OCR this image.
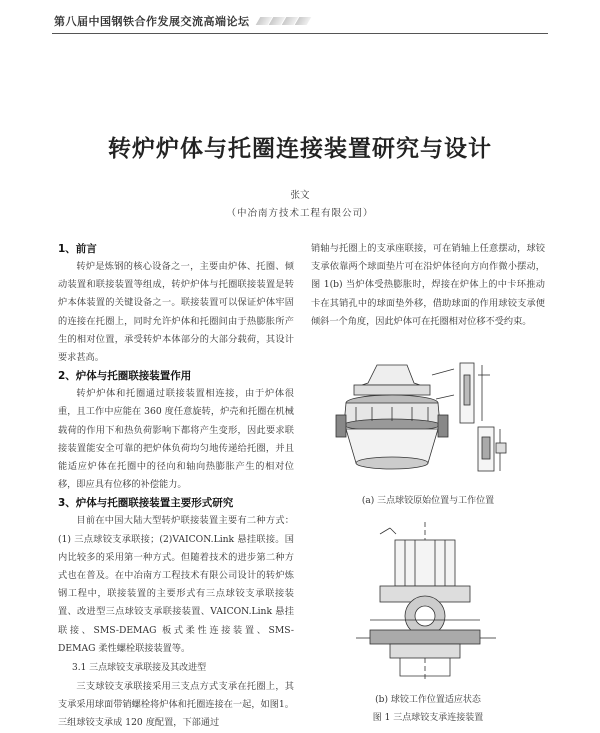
第八届中国钢铁合作发展交流高端论坛
转炉炉体与托圈连接装置研究与设计
张文
（中冶南方技术工程有限公司）

1、前言

转炉是炼钢的核心设备之一，主要由炉体、托圈、倾动装置和联接装置等组成，转炉炉体与托圈联接装置是转炉本体装置的关键设备之一。联接装置可以保证炉体牢固的连接在托圈上，同时允许炉体和托圈间由于热膨胀所产生的相对位置，承受转炉本体部分的大部分载荷，其设计要求甚高。

2、炉体与托圈联接装置作用

转炉炉体和托圈通过联接装置相连接，由于炉体很重，且工作中应能在 360 度任意旋转，炉壳和托圈在机械载荷的作用下和热负荷影响下都将产生变形，因此要求联接装置能安全可靠的把炉体负荷均匀地传递给托圈，并且能适应炉体在托圈中的径向和轴向热膨胀产生的相对位移，即应具有位移的补偿能力。

3、炉体与托圈联接装置主要形式研究

目前在中国大陆大型转炉联接装置主要有二种方式：(1) 三点球铰支承联接；(2)VAICON.Link 悬挂联接。国内比较多的采用第一种方式。但随着技术的进步第二种方式也在普及。在中冶南方工程技术有限公司设计的转炉炼钢工程中，联接装置的主要形式有三点球铰支承联接装置、改进型三点球铰支承联接装置、VAICON.Link 悬挂联接、SMS-DEMAG 板式柔性连接装置、SMS-DEMAG 柔性螺栓联接装置等。

3.1 三点球铰支承联接及其改进型

三支球铰支承联接采用三支点方式支承在托圈上，其支承采用球面带销螺栓将炉体和托圈连接在一起，如图1。三组球铰支承成 120 度配置，下部通过

销轴与托圈上的支承座联接，可在销轴上任意摆动，球铰支承依靠两个球面垫片可在沿炉体径向方向作微小摆动，图 1(b) 当炉体受热膨胀时，焊接在炉体上的中卡环推动卡在其销孔中的球面垫外移，借助球面的作用球铰支承便倾斜一个角度，因此炉体可在托圈相对位移不受约束。

(a) 三点球铰原始位置与工作位置
(b) 球铰工作位置适应状态
图 1 三点球铰支承连接装置
